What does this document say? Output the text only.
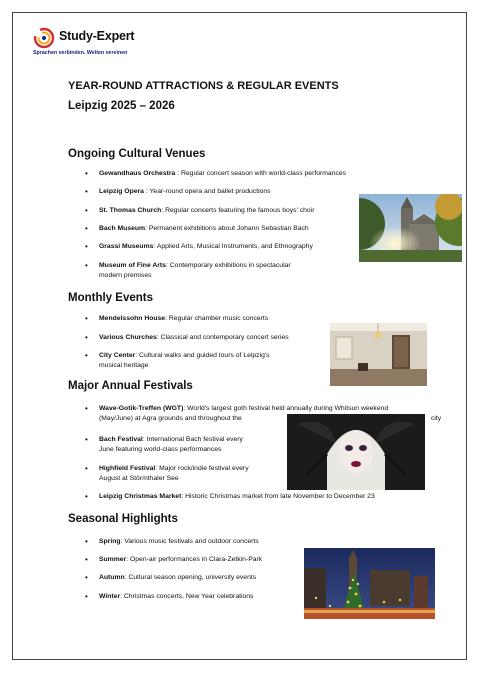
Study-Expert
Sprachen verbinden. Welten vereinen
YEAR-ROUND ATTRACTIONS & REGULAR EVENTS
Leipzig 2025 – 2026
Ongoing Cultural Venues
• Gewandhaus Orchestra : Regular concert season with world-class performances
• Leipzig Opera : Year-round opera and ballet productions
• St. Thomas Church: Regular concerts featuring the famous boys' choir
• Bach Museum: Permanent exhibitions about Johann Sebastian Bach
• Grassi Museums: Applied Arts, Musical Instruments, and Ethnography
• Museum of Fine Arts: Contemporary exhibitions in spectacular
modern premises
Monthly Events
• Mendelssohn House: Regular chamber music concerts
• Various Churches: Classical and contemporary concert series
• City Center: Cultural walks and guided tours of Leipzig's
musical heritage
Major Annual Festivals
• Wave-Gotik-Treffen (WGT): World's largest goth festival held annually during Whitsun weekend
(May/June) at Agra grounds and throughout the
•	city
• Bach Festival: International Bach festival every
June featuring world-class performances
• Highfield Festival: Major rock/indie festival every
August at Störmthaler See
• Leipzig Christmas Market: Historic Christmas market from late November to December 23
Seasonal Highlights
• Spring: Various music festivals and outdoor concerts
• Summer: Open-air performances in Clara-Zetkin-Park
• Autumn: Cultural season opening, university events
• Winter: Christmas concerts, New Year celebrations
